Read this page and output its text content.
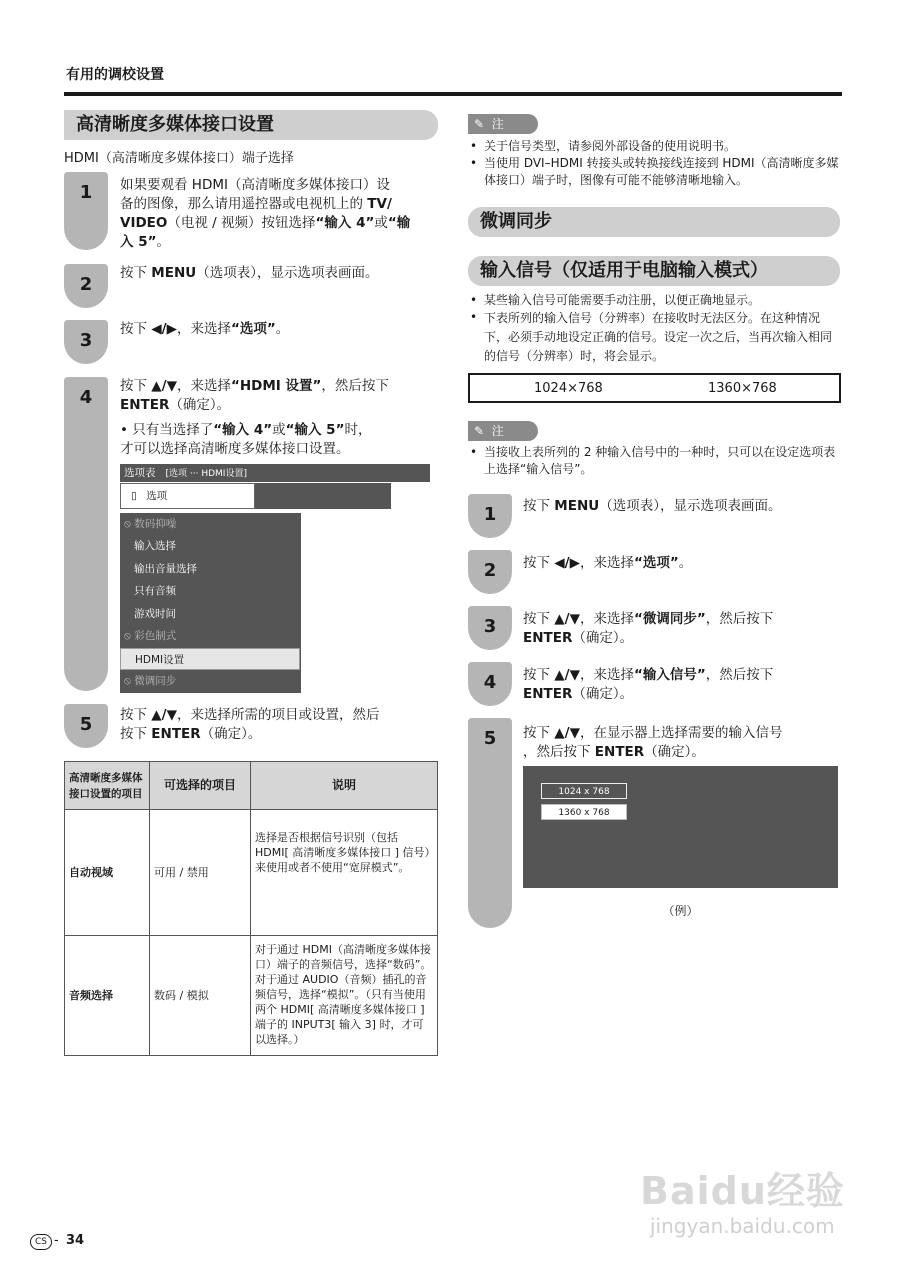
有用的调校设置
高清晰度多媒体接口设置
HDMI（高清晰度多媒体接口）端子选择
1	如果要观看 HDMI（高清晰度多媒体接口）设
备的图像，那么请用遥控器或电视机上的 TV/
VIDEO（电视 / 视频）按钮选择“输入 4”或“输
入 5”。
2
按下 MENU（选项表），显示选项表画面。
3
按下 ◀/▶，来选择“选项”。
4
按下 ▲/▼，来选择“HDMI 设置”，然后按下
ENTER（确定）。
• 只有当选择了“输入 4”或“输入 5”时，
才可以选择高清晰度多媒体接口设置。
选项表 [选项 ··· HDMI设置]
▯ 选项
⦸ 数码抑噪
输入选择
输出音量选择
只有音频
游戏时间
⦸ 彩色制式
HDMI设置
⦸ 微调同步
5	按下 ▲/▼，来选择所需的项目或设置，然后
按下 ENTER（确定）。
高清晰度多媒体
接口设置的项目	可选择的项目	说明
自动视域	可用 / 禁用	选择是否根据信号识别（包括 HDMI[ 高清晰度多媒体接口 ] 信号）来使用或者不使用“宽屏模式”。
音频选择	数码 / 模拟	对于通过 HDMI（高清晰度多媒体接口）端子的音频信号，选择“数码”。对于通过 AUDIO（音频）插孔的音频信号，选择“模拟”。（只有当使用两个 HDMI[ 高清晰度多媒体接口 ] 端子的 INPUT3[ 输入 3] 时，才可以选择。）
✎ 注
• 关于信号类型，请参阅外部设备的使用说明书。
• 当使用 DVI–HDMI 转接头或转换接线连接到 HDMI（高清晰度多媒体接口）端子时，图像有可能不能够清晰地输入。
微调同步
输入信号（仅适用于电脑输入模式）
• 某些输入信号可能需要手动注册，以便正确地显示。
• 下表所列的输入信号（分辨率）在接收时无法区分。在这种情况下，必须手动地设定正确的信号。设定一次之后，当再次输入相同的信号（分辨率）时，将会显示。
1024×768	1360×768
✎ 注
• 当接收上表所列的 2 种输入信号中的一种时，只可以在设定选项表上选择“输入信号”。
1	按下 MENU（选项表），显示选项表画面。
2	按下 ◀/▶，来选择“选项”。
3	按下 ▲/▼，来选择“微调同步”，然后按下
ENTER（确定）。
4	按下 ▲/▼，来选择“输入信号”，然后按下
ENTER（确定）。
5	按下 ▲/▼，在显示器上选择需要的输入信号
，然后按下 ENTER（确定）。
1024 x 768
1360 x 768
（例）
CS - 34
Baidu经验
jingyan.baidu.com
